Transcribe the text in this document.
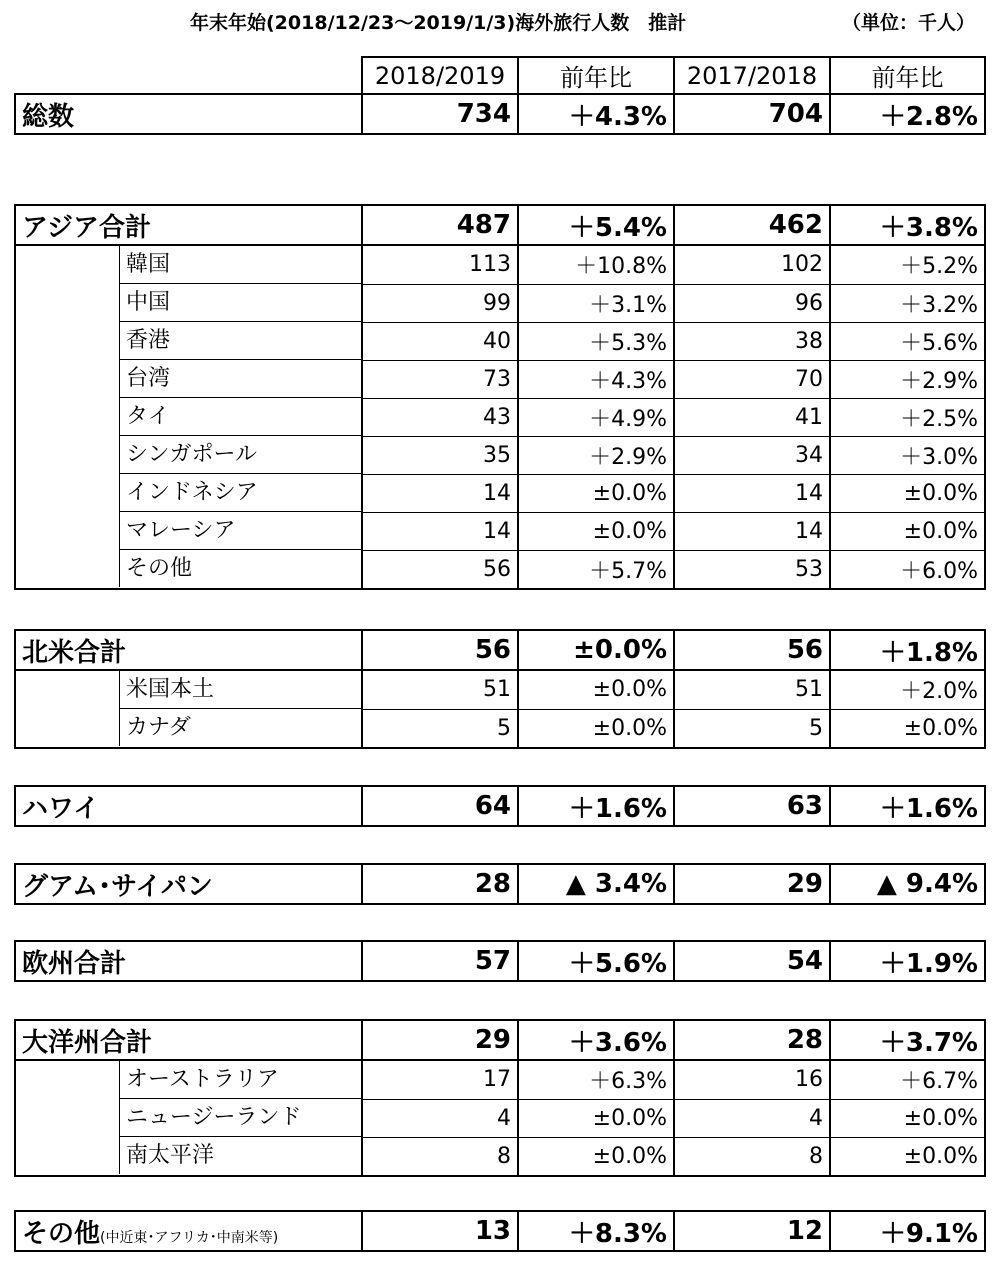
年末年始(2018/12/23～2019/1/3)海外旅行人数　推計	（単位：千人）
	2018/2019	前年比	2017/2018	前年比
総数	734	＋4.3%	704	＋2.8%
アジア合計	487	＋5.4%	462	＋3.8%

韓国	113	＋10.8%	102	＋5.2%

中国	99	＋3.1%	96	＋3.2%

香港	40	＋5.3%	38	＋5.6%

台湾	73	＋4.3%	70	＋2.9%

タイ	43	＋4.9%	41	＋2.5%

シンガポール	35	＋2.9%	34	＋3.0%

インドネシア	14	±0.0%	14	±0.0%

マレーシア	14	±0.0%	14	±0.0%

その他	56	＋5.7%	53	＋6.0%
北米合計	56	±0.0%	56	＋1.8%

米国本土	51	±0.0%	51	＋2.0%

カナダ	5	±0.0%	5	±0.0%
ハワイ	64	＋1.6%	63	＋1.6%
グアム･サイパン	28	▲ 3.4%	29	▲ 9.4%
欧州合計	57	＋5.6%	54	＋1.9%
大洋州合計	29	＋3.6%	28	＋3.7%

オーストラリア	17	＋6.3%	16	＋6.7%

ニュージーランド	4	±0.0%	4	±0.0%

南太平洋	8	±0.0%	8	±0.0%
その他(中近東･アフリカ･中南米等)	13	＋8.3%	12	＋9.1%
